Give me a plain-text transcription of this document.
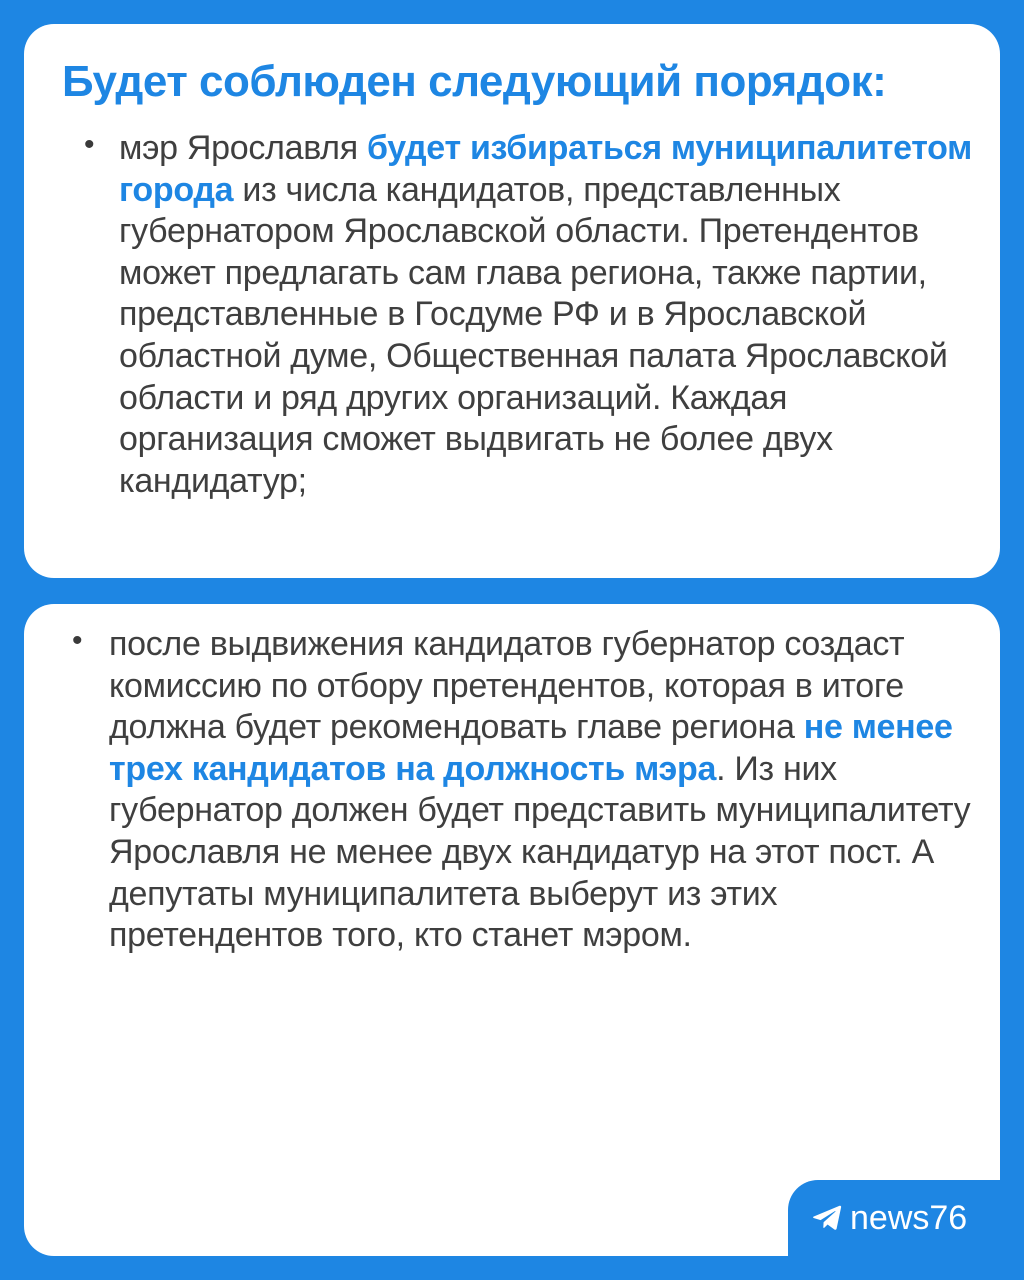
Будет соблюден следующий порядок:
• мэр Ярославля будет избираться муниципалитетом города из числа кандидатов, представленных губернатором Ярославской области. Претендентов может предлагать сам глава региона, также партии, представленные в Госдуме РФ и в Ярославской областной думе, Общественная палата Ярославской области и ряд других организаций. Каждая организация сможет выдвигать не более двух кандидатур;

• после выдвижения кандидатов губернатор создаст комиссию по отбору претендентов, которая в итоге должна будет рекомендовать главе региона не менее трех кандидатов на должность мэра. Из них губернатор должен будет представить муниципалитету Ярославля не менее двух кандидатур на этот пост. А депутаты муниципалитета выберут из этих претендентов того, кто станет мэром.

news76
